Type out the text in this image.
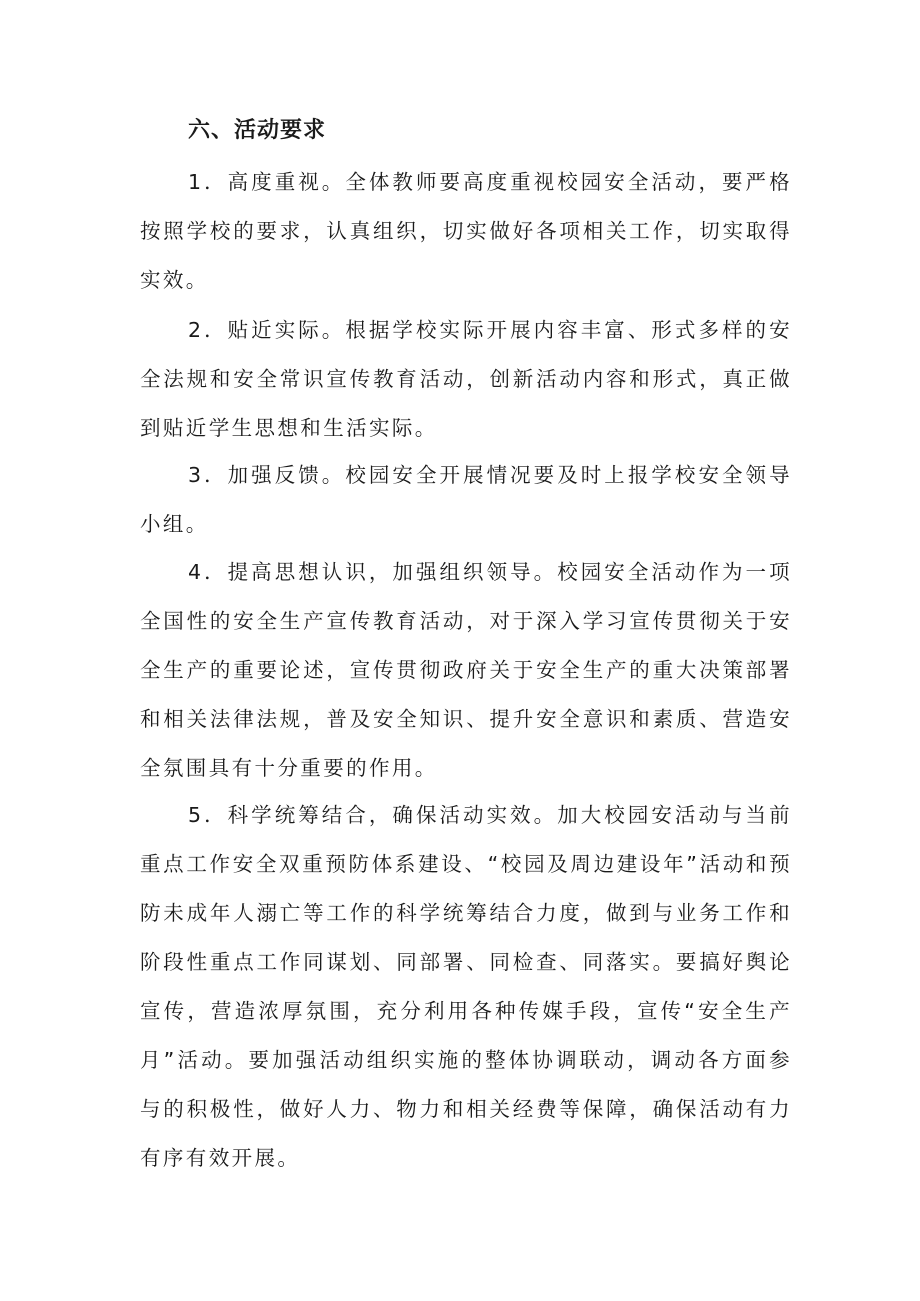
六、活动要求

1．高度重视。全体教师要高度重视校园安全活动，要严格按照学校的要求，认真组织，切实做好各项相关工作，切实取得实效。

2．贴近实际。根据学校实际开展内容丰富、形式多样的安全法规和安全常识宣传教育活动，创新活动内容和形式，真正做到贴近学生思想和生活实际。

3．加强反馈。校园安全开展情况要及时上报学校安全领导小组。

4．提高思想认识，加强组织领导。校园安全活动作为一项全国性的安全生产宣传教育活动，对于深入学习宣传贯彻关于安全生产的重要论述，宣传贯彻政府关于安全生产的重大决策部署和相关法律法规，普及安全知识、提升安全意识和素质、营造安全氛围具有十分重要的作用。

5．科学统筹结合，确保活动实效。加大校园安活动与当前重点工作安全双重预防体系建设、“校园及周边建设年”活动和预防未成年人溺亡等工作的科学统筹结合力度，做到与业务工作和阶段性重点工作同谋划、同部署、同检查、同落实。要搞好舆论宣传，营造浓厚氛围，充分利用各种传媒手段，宣传“安全生产月”活动。要加强活动组织实施的整体协调联动，调动各方面参与的积极性，做好人力、物力和相关经费等保障，确保活动有力有序有效开展。
